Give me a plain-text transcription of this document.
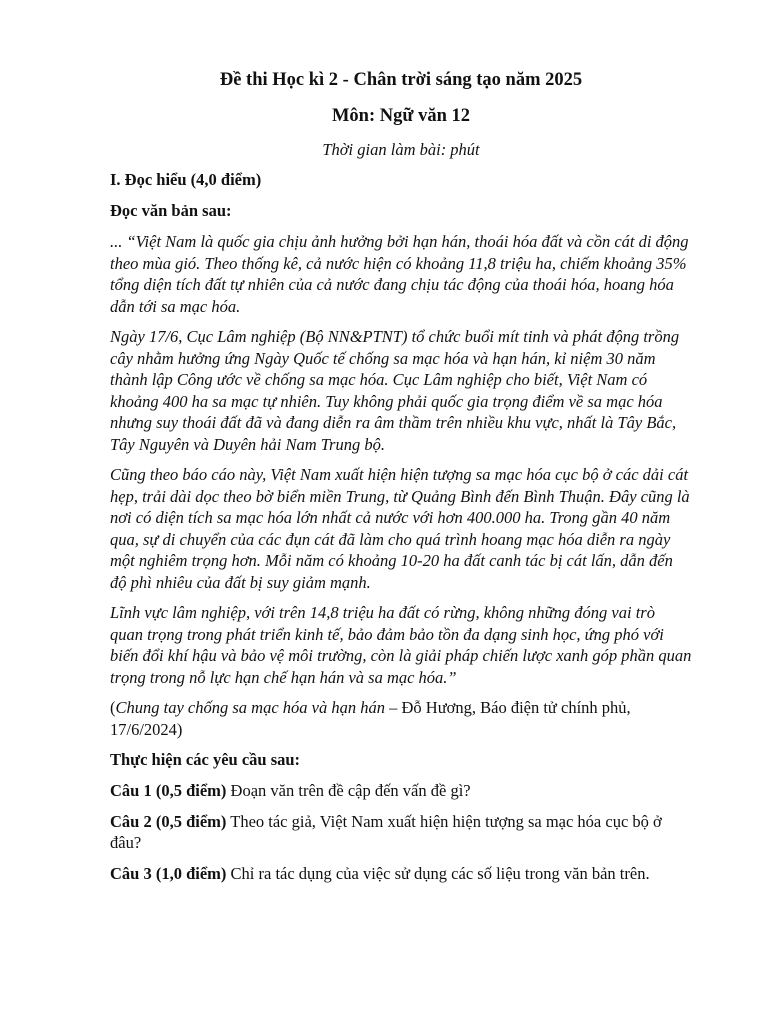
Đề thi Học kì 2 - Chân trời sáng tạo năm 2025
Môn: Ngữ văn 12
Thời gian làm bài: phút
I. Đọc hiểu (4,0 điểm)
Đọc văn bản sau:

... “Việt Nam là quốc gia chịu ảnh hưởng bởi hạn hán, thoái hóa đất và cồn cát di động theo mùa gió. Theo thống kê, cả nước hiện có khoảng 11,8 triệu ha, chiếm khoảng 35% tổng diện tích đất tự nhiên của cả nước đang chịu tác động của thoái hóa, hoang hóa dẫn tới sa mạc hóa.

Ngày 17/6, Cục Lâm nghiệp (Bộ NN&PTNT) tổ chức buổi mít tinh và phát động trồng cây nhằm hưởng ứng Ngày Quốc tế chống sa mạc hóa và hạn hán, kỉ niệm 30 năm thành lập Công ước về chống sa mạc hóa. Cục Lâm nghiệp cho biết, Việt Nam có khoảng 400 ha sa mạc tự nhiên. Tuy không phải quốc gia trọng điểm về sa mạc hóa nhưng suy thoái đất đã và đang diễn ra âm thầm trên nhiều khu vực, nhất là Tây Bắc, Tây Nguyên và Duyên hải Nam Trung bộ.

Cũng theo báo cáo này, Việt Nam xuất hiện hiện tượng sa mạc hóa cục bộ ở các dải cát hẹp, trải dài dọc theo bờ biển miền Trung, từ Quảng Bình đến Bình Thuận. Đây cũng là nơi có diện tích sa mạc hóa lớn nhất cả nước với hơn 400.000 ha. Trong gần 40 năm qua, sự di chuyển của các đụn cát đã làm cho quá trình hoang mạc hóa diễn ra ngày một nghiêm trọng hơn. Mỗi năm có khoảng 10-20 ha đất canh tác bị cát lấn, dẫn đến độ phì nhiêu của đất bị suy giảm mạnh.

Lĩnh vực lâm nghiệp, với trên 14,8 triệu ha đất có rừng, không những đóng vai trò quan trọng trong phát triển kinh tế, bảo đảm bảo tồn đa dạng sinh học, ứng phó với biến đổi khí hậu và bảo vệ môi trường, còn là giải pháp chiến lược xanh góp phần quan trọng trong nỗ lực hạn chế hạn hán và sa mạc hóa.”

(Chung tay chống sa mạc hóa và hạn hán – Đỗ Hương, Báo điện tử chính phủ, 17/6/2024)

Thực hiện các yêu cầu sau:

Câu 1 (0,5 điểm) Đoạn văn trên đề cập đến vấn đề gì?

Câu 2 (0,5 điểm) Theo tác giả, Việt Nam xuất hiện hiện tượng sa mạc hóa cục bộ ở đâu?

Câu 3 (1,0 điểm) Chỉ ra tác dụng của việc sử dụng các số liệu trong văn bản trên.
